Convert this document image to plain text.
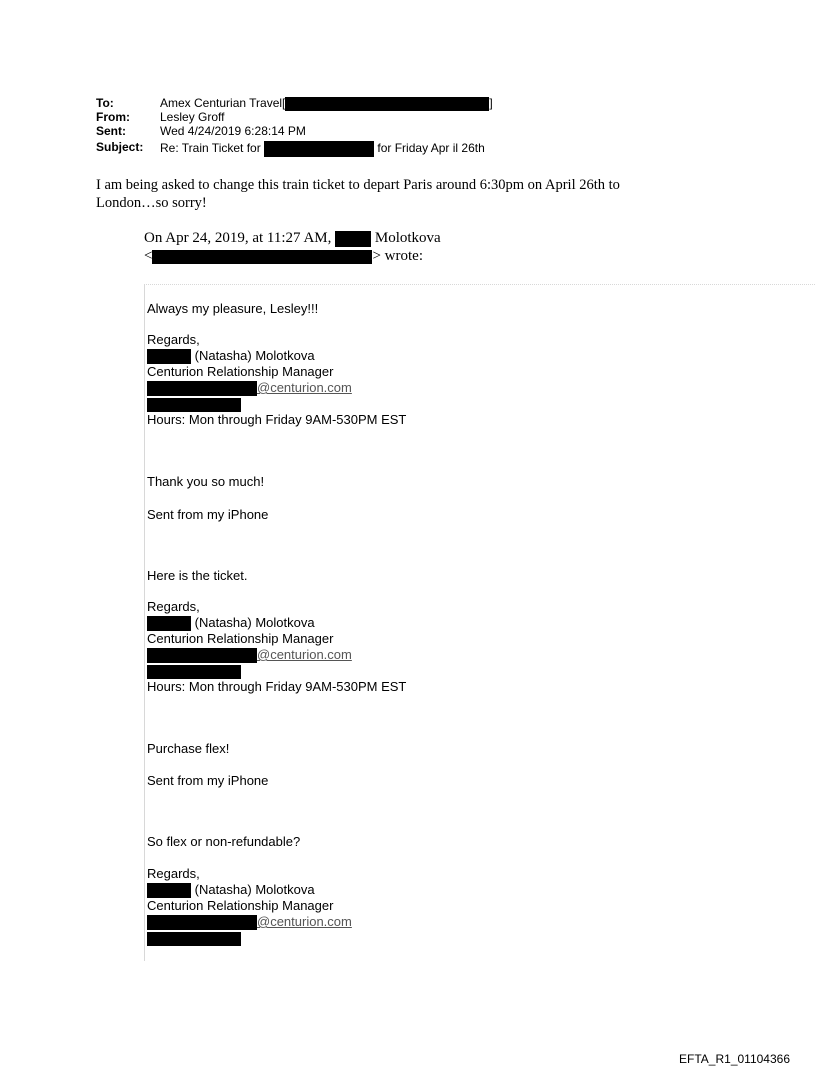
To:	Amex Centurian Travel[	]
From:	Lesley Groff
Sent:	Wed 4/24/2019 6:28:14 PM
Subject: Re: Train Ticket for	for Friday Apr il 26th
I am being asked to change this train ticket to depart Paris around 6:30pm on April 26th to
London…so sorry!
On Apr 24, 2019, at 11:27 AM,	Molotkova
<	> wrote:
Always my pleasure, Lesley!!!
Regards,
(Natasha) Molotkova
Centurion Relationship Manager
@centurion.com
Hours: Mon through Friday 9AM-530PM EST
Thank you so much!
Sent from my iPhone
Here is the ticket.
Regards,
(Natasha) Molotkova
Centurion Relationship Manager
@centurion.com
Hours: Mon through Friday 9AM-530PM EST
Purchase flex!
Sent from my iPhone
So flex or non-refundable?
Regards,
(Natasha) Molotkova
Centurion Relationship Manager
@centurion.com
EFTA_R1_01104366
